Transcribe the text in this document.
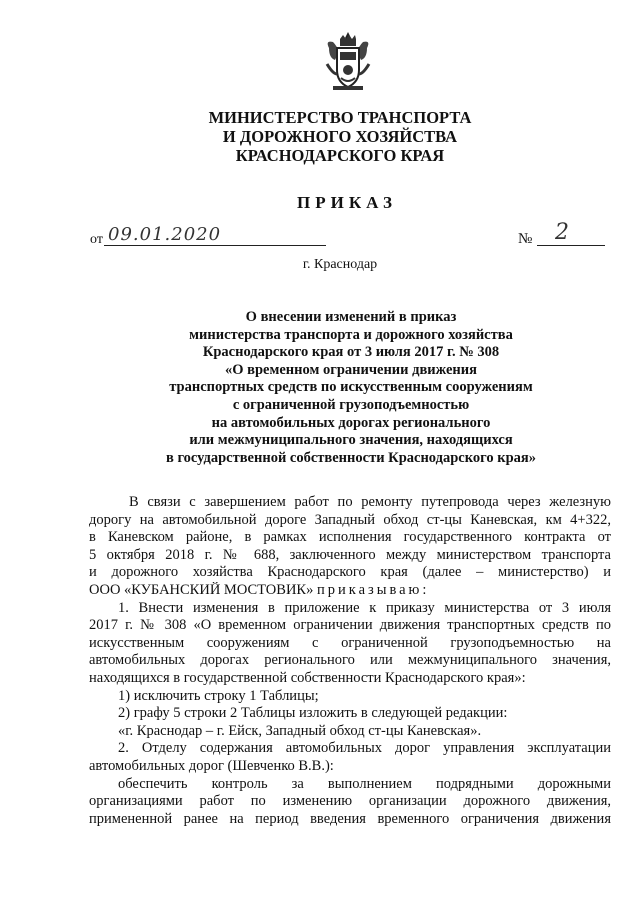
МИНИСТЕРСТВО ТРАНСПОРТА
И ДОРОЖНОГО ХОЗЯЙСТВА
КРАСНОДАРСКОГО КРАЯ
ПРИКАЗ
от 09.01.2020	№ 2
г. Краснодар
О внесении изменений в приказ
министерства транспорта и дорожного хозяйства
Краснодарского края от 3 июля 2017 г. № 308
«О временном ограничении движения
транспортных средств по искусственным сооружениям
с ограниченной грузоподъемностью
на автомобильных дорогах регионального
или межмуниципального значения, находящихся
в государственной собственности Краснодарского края»
В связи с завершением работ по ремонту путепровода через железную
дорогу на автомобильной дороге Западный обход ст-цы Каневская, км 4+322,
в Каневском районе, в рамках исполнения государственного контракта от
5 октября 2018 г. № 688, заключенного между министерством транспорта
и дорожного хозяйства Краснодарского края (далее – министерство) и
ООО «КУБАНСКИЙ МОСТОВИК» приказываю:
1. Внести изменения в приложение к приказу министерства от 3 июля
2017 г. № 308 «О временном ограничении движения транспортных средств по
искусственным сооружениям с ограниченной грузоподъемностью на
автомобильных дорогах регионального или межмуниципального значения,
находящихся в государственной собственности Краснодарского края»:
1) исключить строку 1 Таблицы;
2) графу 5 строки 2 Таблицы изложить в следующей редакции:
«г. Краснодар – г. Ейск, Западный обход ст-цы Каневская».
2. Отделу содержания автомобильных дорог управления эксплуатации
автомобильных дорог (Шевченко В.В.):
обеспечить контроль за выполнением подрядными дорожными
организациями работ по изменению организации дорожного движения,
примененной ранее на период введения временного ограничения движения
